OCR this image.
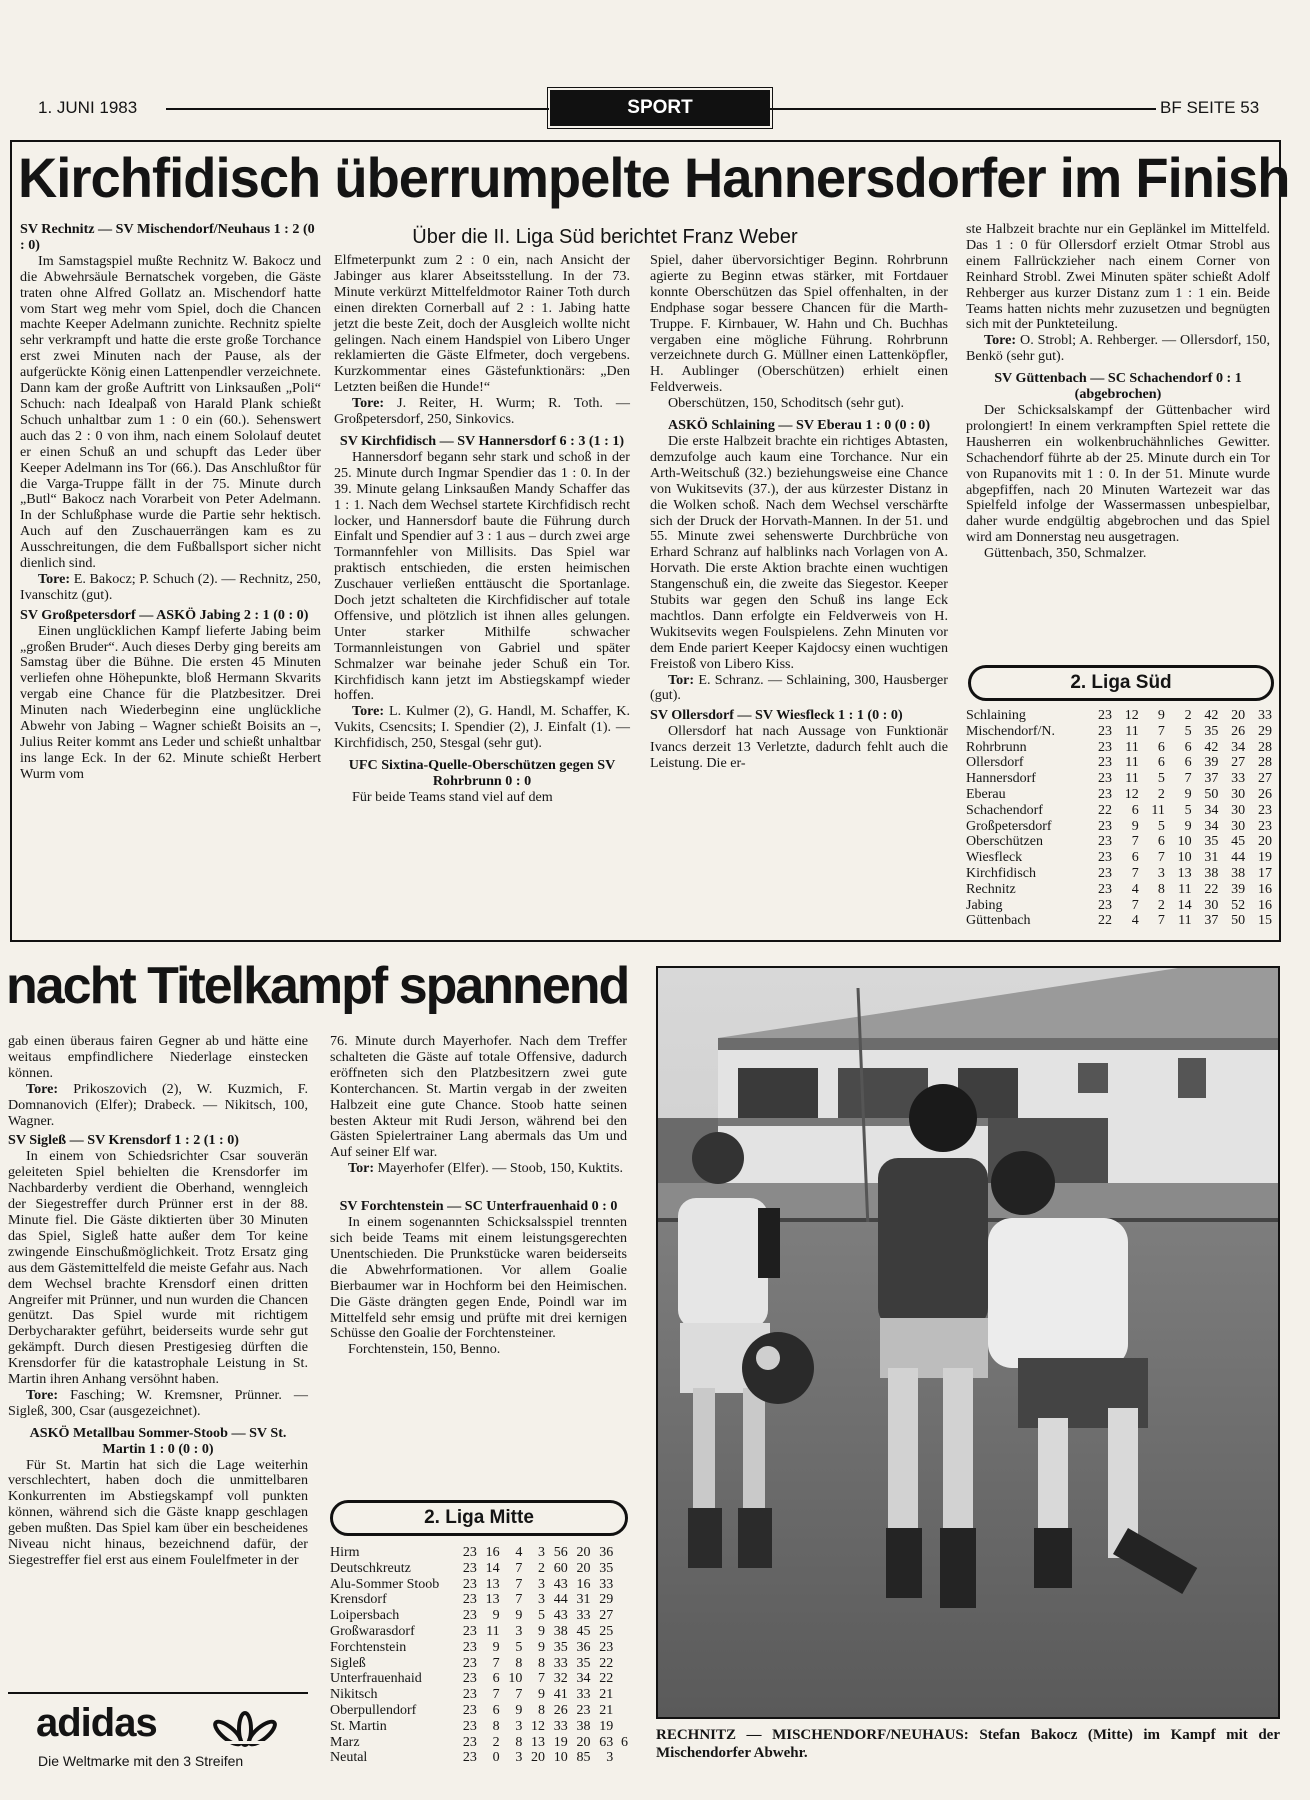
1. JUNI 1983	SPORT	BF SEITE 53
Kirchfidisch überrumpelte Hannersdorfer im Finish
Über die II. Liga Süd berichtet Franz Weber

SV Rechnitz — SV Mischendorf/Neuhaus 1 : 2 (0 : 0)

Im Samstagspiel mußte Rechnitz W. Bakocz und die Abwehrsäule Bernatschek vorgeben, die Gäste traten ohne Alfred Gollatz an. Mischendorf hatte vom Start weg mehr vom Spiel, doch die Chancen machte Keeper Adelmann zunichte. Rechnitz spielte sehr verkrampft und hatte die erste große Torchance erst zwei Minuten nach der Pause, als der aufgerückte König einen Lattenpendler verzeichnete. Dann kam der große Auftritt von Linksaußen „Poli“ Schuch: nach Idealpaß von Harald Plank schießt Schuch unhaltbar zum 1 : 0 ein (60.). Sehenswert auch das 2 : 0 von ihm, nach einem Sololauf deutet er einen Schuß an und schupft das Leder über Keeper Adelmann ins Tor (66.). Das Anschlußtor für die Varga-Truppe fällt in der 75. Minute durch „Butl“ Bakocz nach Vorarbeit von Peter Adelmann. In der Schlußphase wurde die Partie sehr hektisch. Auch auf den Zuschauerrängen kam es zu Ausschreitungen, die dem Fußballsport sicher nicht dienlich sind.

Tore: E. Bakocz; P. Schuch (2). — Rechnitz, 250, Ivanschitz (gut).

SV Großpetersdorf — ASKÖ Jabing 2 : 1 (0 : 0)

Einen unglücklichen Kampf lieferte Jabing beim „großen Bruder“. Auch dieses Derby ging bereits am Samstag über die Bühne. Die ersten 45 Minuten verliefen ohne Höhepunkte, bloß Hermann Skvarits vergab eine Chance für die Platzbesitzer. Drei Minuten nach Wiederbeginn eine unglückliche Abwehr von Jabing – Wagner schießt Boisits an –, Julius Reiter kommt ans Leder und schießt unhaltbar ins lange Eck. In der 62. Minute schießt Herbert Wurm vom

Elfmeterpunkt zum 2 : 0 ein, nach Ansicht der Jabinger aus klarer Abseitsstellung. In der 73. Minute verkürzt Mittelfeldmotor Rainer Toth durch einen direkten Cornerball auf 2 : 1. Jabing hatte jetzt die beste Zeit, doch der Ausgleich wollte nicht gelingen. Nach einem Handspiel von Libero Unger reklamierten die Gäste Elfmeter, doch vergebens. Kurzkommentar eines Gästefunktionärs: „Den Letzten beißen die Hunde!“

Tore: J. Reiter, H. Wurm; R. Toth. — Großpetersdorf, 250, Sinkovics.

SV Kirchfidisch — SV Hannersdorf 6 : 3 (1 : 1)

Hannersdorf begann sehr stark und schoß in der 25. Minute durch Ingmar Spendier das 1 : 0. In der 39. Minute gelang Linksaußen Mandy Schaffer das 1 : 1. Nach dem Wechsel startete Kirchfidisch recht locker, und Hannersdorf baute die Führung durch Einfalt und Spendier auf 3 : 1 aus – durch zwei arge Tormannfehler von Millisits. Das Spiel war praktisch entschieden, die ersten heimischen Zuschauer verließen enttäuscht die Sportanlage. Doch jetzt schalteten die Kirchfidischer auf totale Offensive, und plötzlich ist ihnen alles gelungen. Unter starker Mithilfe schwacher Tormannleistungen von Gabriel und später Schmalzer war beinahe jeder Schuß ein Tor. Kirchfidisch kann jetzt im Abstiegskampf wieder hoffen.

Tore: L. Kulmer (2), G. Handl, M. Schaffer, K. Vukits, Csencsits; I. Spendier (2), J. Einfalt (1). — Kirchfidisch, 250, Stesgal (sehr gut).

UFC Sixtina-Quelle-Oberschützen gegen SV Rohrbrunn 0 : 0

Für beide Teams stand viel auf dem

Spiel, daher übervorsichtiger Beginn. Rohrbrunn agierte zu Beginn etwas stärker, mit Fortdauer konnte Oberschützen das Spiel offenhalten, in der Endphase sogar bessere Chancen für die Marth-Truppe. F. Kirnbauer, W. Hahn und Ch. Buchhas vergaben eine mögliche Führung. Rohrbrunn verzeichnete durch G. Müllner einen Lattenköpfler, H. Aublinger (Oberschützen) erhielt einen Feldverweis.

Oberschützen, 150, Schoditsch (sehr gut).

ASKÖ Schlaining — SV Eberau 1 : 0 (0 : 0)

Die erste Halbzeit brachte ein richtiges Abtasten, demzufolge auch kaum eine Torchance. Nur ein Arth-Weitschuß (32.) beziehungsweise eine Chance von Wukitsevits (37.), der aus kürzester Distanz in die Wolken schoß. Nach dem Wechsel verschärfte sich der Druck der Horvath-Mannen. In der 51. und 55. Minute zwei sehenswerte Durchbrüche von Erhard Schranz auf halblinks nach Vorlagen von A. Horvath. Die erste Aktion brachte einen wuchtigen Stangenschuß ein, die zweite das Siegestor. Keeper Stubits war gegen den Schuß ins lange Eck machtlos. Dann erfolgte ein Feldverweis von H. Wukitsevits wegen Foulspielens. Zehn Minuten vor dem Ende pariert Keeper Kajdocsy einen wuchtigen Freistoß von Libero Kiss.

Tor: E. Schranz. — Schlaining, 300, Hausberger (gut).

SV Ollersdorf — SV Wiesfleck 1 : 1 (0 : 0)

Ollersdorf hat nach Aussage von Funktionär Ivancs derzeit 13 Verletzte, dadurch fehlt auch die Leistung. Die er-

ste Halbzeit brachte nur ein Geplänkel im Mittelfeld. Das 1 : 0 für Ollersdorf erzielt Otmar Strobl aus einem Fallrückzieher nach einem Corner von Reinhard Strobl. Zwei Minuten später schießt Adolf Rehberger aus kurzer Distanz zum 1 : 1 ein. Beide Teams hatten nichts mehr zuzusetzen und begnügten sich mit der Punkteteilung.

Tore: O. Strobl; A. Rehberger. — Ollersdorf, 150, Benkö (sehr gut).

SV Güttenbach — SC Schachendorf 0 : 1 (abgebrochen)

Der Schicksalskampf der Güttenbacher wird prolongiert! In einem verkrampften Spiel rettete die Hausherren ein wolkenbruchähnliches Gewitter. Schachendorf führte ab der 25. Minute durch ein Tor von Rupanovits mit 1 : 0. In der 51. Minute wurde abgepfiffen, nach 20 Minuten Wartezeit war das Spielfeld infolge der Wassermassen unbespielbar, daher wurde endgültig abgebrochen und das Spiel wird am Donnerstag neu ausgetragen.

Güttenbach, 350, Schmalzer.

2. Liga Süd
Schlaining	23	12	9	2	42	20	33
Mischendorf/N.	23	11	7	5	35	26	29
Rohrbrunn	23	11	6	6	42	34	28
Ollersdorf	23	11	6	6	39	27	28
Hannersdorf	23	11	5	7	37	33	27
Eberau	23	12	2	9	50	30	26
Schachendorf	22	6	11	5	34	30	23
Großpetersdorf	23	9	5	9	34	30	23
Oberschützen	23	7	6	10	35	45	20
Wiesfleck	23	6	7	10	31	44	19
Kirchfidisch	23	7	3	13	38	38	17
Rechnitz	23	4	8	11	22	39	16
Jabing	23	7	2	14	30	52	16
Güttenbach	22	4	7	11	37	50	15
nacht Titelkampf spannend

gab einen überaus fairen Gegner ab und hätte eine weitaus empfindlichere Niederlage einstecken können.

Tore: Prikoszovich (2), W. Kuzmich, F. Domnanovich (Elfer); Drabeck. — Nikitsch, 100, Wagner.

SV Sigleß — SV Krensdorf 1 : 2 (1 : 0)

In einem von Schiedsrichter Csar souverän geleiteten Spiel behielten die Krensdorfer im Nachbarderby verdient die Oberhand, wenngleich der Siegestreffer durch Prünner erst in der 88. Minute fiel. Die Gäste diktierten über 30 Minuten das Spiel, Sigleß hatte außer dem Tor keine zwingende Einschußmöglichkeit. Trotz Ersatz ging aus dem Gästemittelfeld die meiste Gefahr aus. Nach dem Wechsel brachte Krensdorf einen dritten Angreifer mit Prünner, und nun wurden die Chancen genützt. Das Spiel wurde mit richtigem Derbycharakter geführt, beiderseits wurde sehr gut gekämpft. Durch diesen Prestigesieg dürften die Krensdorfer für die katastrophale Leistung in St. Martin ihren Anhang versöhnt haben.

Tore: Fasching; W. Kremsner, Prünner. — Sigleß, 300, Csar (ausgezeichnet).

ASKÖ Metallbau Sommer-Stoob — SV St. Martin 1 : 0 (0 : 0)

Für St. Martin hat sich die Lage weiterhin verschlechtert, haben doch die unmittelbaren Konkurrenten im Abstiegskampf voll punkten können, während sich die Gäste knapp geschlagen geben mußten. Das Spiel kam über ein bescheidenes Niveau nicht hinaus, bezeichnend dafür, der Siegestreffer fiel erst aus einem Foulelfmeter in der

adidas
Die Weltmarke mit den 3 Streifen

76. Minute durch Mayerhofer. Nach dem Treffer schalteten die Gäste auf totale Offensive, dadurch eröffneten sich den Platzbesitzern zwei gute Konterchancen. St. Martin vergab in der zweiten Halbzeit eine gute Chance. Stoob hatte seinen besten Akteur mit Rudi Jerson, während bei den Gästen Spielertrainer Lang abermals das Um und Auf seiner Elf war.

Tor: Mayerhofer (Elfer). — Stoob, 150, Kuktits.

SV Forchtenstein — SC Unterfrauenhaid 0 : 0

In einem sogenannten Schicksalsspiel trennten sich beide Teams mit einem leistungsgerechten Unentschieden. Die Prunkstücke waren beiderseits die Abwehrformationen. Vor allem Goalie Bierbaumer war in Hochform bei den Heimischen. Die Gäste drängten gegen Ende, Poindl war im Mittelfeld sehr emsig und prüfte mit drei kernigen Schüsse den Goalie der Forchtensteiner.

Forchtenstein, 150, Benno.

2. Liga Mitte
Hirm	23	16	4	3	56	20	36	
Deutschkreutz	23	14	7	2	60	20	35	
Alu-Sommer Stoob	23	13	7	3	43	16	33	
Krensdorf	23	13	7	3	44	31	29	
Loipersbach	23	9	9	5	43	33	27	
Großwarasdorf	23	11	3	9	38	45	25	
Forchtenstein	23	9	5	9	35	36	23	
Sigleß	23	7	8	8	33	35	22	
Unterfrauenhaid	23	6	10	7	32	34	22	
Nikitsch	23	7	7	9	41	33	21	
Oberpullendorf	23	6	9	8	26	23	21	
St. Martin	23	8	3	12	33	38	19	
Marz	23	2	8	13	19	20	63	6
Neutal	23	0	3	20	10	85	3	
RECHNITZ — MISCHENDORF/NEUHAUS: Stefan Bakocz (Mitte) im Kampf mit der Mischendorfer Abwehr.
